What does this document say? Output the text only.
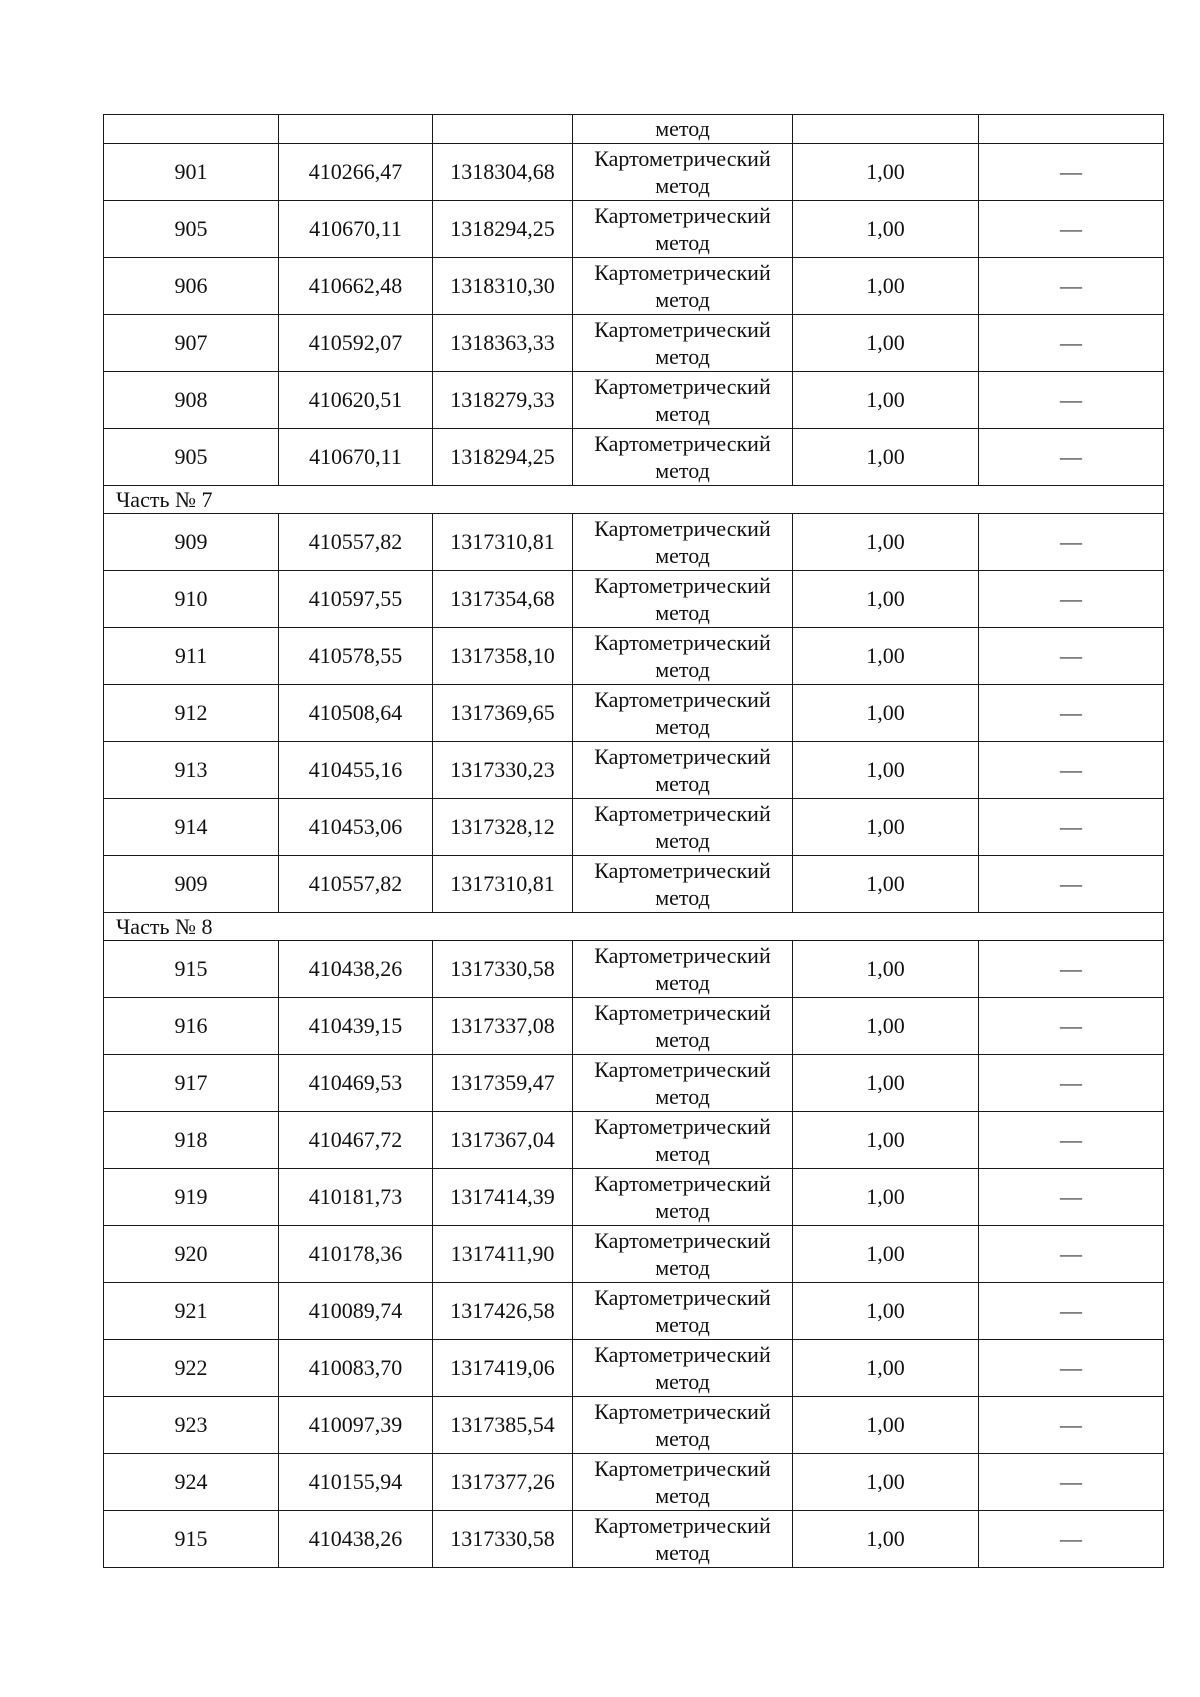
			метод		
901	410266,47	1318304,68	Картометрический
метод	1,00	—
905	410670,11	1318294,25	Картометрический
метод	1,00	—
906	410662,48	1318310,30	Картометрический
метод	1,00	—
907	410592,07	1318363,33	Картометрический
метод	1,00	—
908	410620,51	1318279,33	Картометрический
метод	1,00	—
905	410670,11	1318294,25	Картометрический
метод	1,00	—
Часть № 7					
909	410557,82	1317310,81	Картометрический
метод	1,00	—
910	410597,55	1317354,68	Картометрический
метод	1,00	—
911	410578,55	1317358,10	Картометрический
метод	1,00	—
912	410508,64	1317369,65	Картометрический
метод	1,00	—
913	410455,16	1317330,23	Картометрический
метод	1,00	—
914	410453,06	1317328,12	Картометрический
метод	1,00	—
909	410557,82	1317310,81	Картометрический
метод	1,00	—
Часть № 8					
915	410438,26	1317330,58	Картометрический
метод	1,00	—
916	410439,15	1317337,08	Картометрический
метод	1,00	—
917	410469,53	1317359,47	Картометрический
метод	1,00	—
918	410467,72	1317367,04	Картометрический
метод	1,00	—
919	410181,73	1317414,39	Картометрический
метод	1,00	—
920	410178,36	1317411,90	Картометрический
метод	1,00	—
921	410089,74	1317426,58	Картометрический
метод	1,00	—
922	410083,70	1317419,06	Картометрический
метод	1,00	—
923	410097,39	1317385,54	Картометрический
метод	1,00	—
924	410155,94	1317377,26	Картометрический
метод	1,00	—
915	410438,26	1317330,58	Картометрический
метод	1,00	—
